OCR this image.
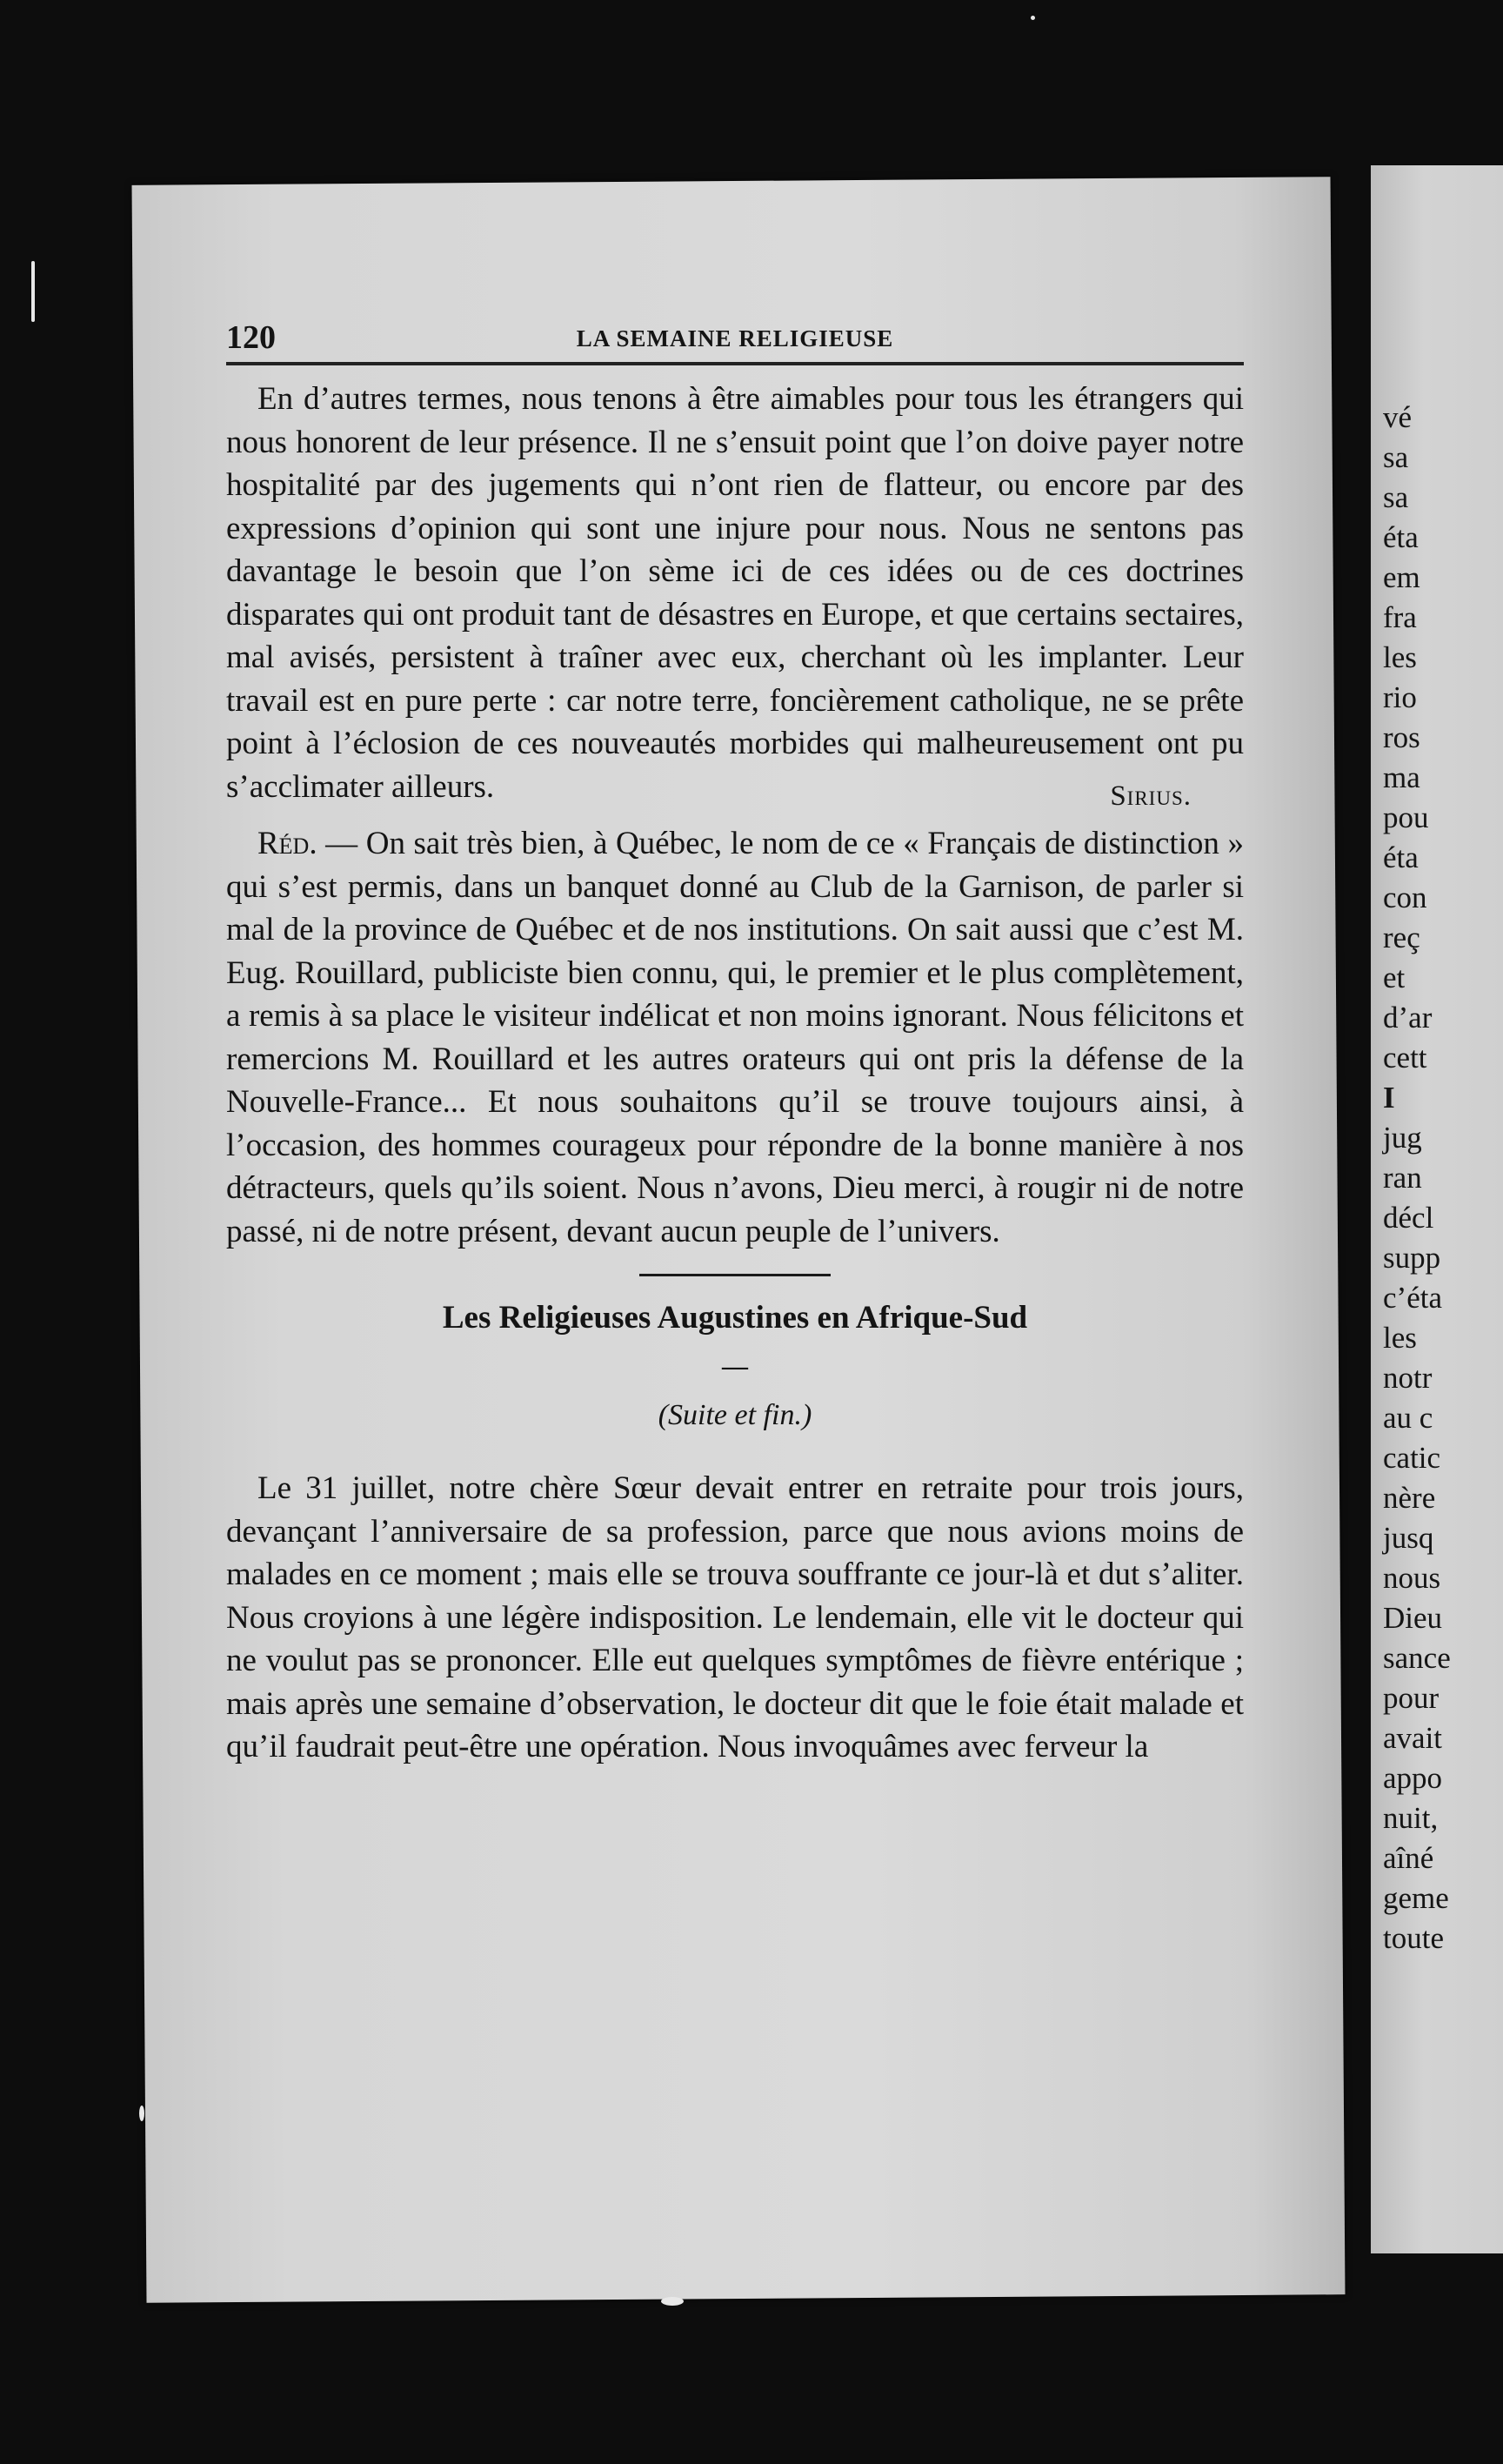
vé
sa
sa
éta
em
fra
les
rio
ros
ma
pou
éta
con
reç
et
d’ar
cett
I
jug
ran
décl
supp
c’éta
les
notr
au c
catic
nère
jusq
nous
Dieu
sance
pour
avait
appo
nuit,
aîné
geme
toute
120	LA SEMAINE RELIGIEUSE

En d’autres termes, nous tenons à être aimables pour tous les étrangers qui nous honorent de leur présence. Il ne s’ensuit point que l’on doive payer notre hospitalité par des jugements qui n’ont rien de flatteur, ou encore par des expressions d’opinion qui sont une injure pour nous. Nous ne sentons pas davantage le besoin que l’on sème ici de ces idées ou de ces doctrines disparates qui ont produit tant de désastres en Europe, et que certains sectaires, mal avisés, persistent à traîner avec eux, cherchant où les implanter. Leur travail est en pure perte : car notre terre, foncièrement catholique, ne se prête point à l’éclosion de ces nouveautés morbides qui malheureusement ont pu s’acclimater ailleurs.	Sirius.

Réd. — On sait très bien, à Québec, le nom de ce « Français de distinction » qui s’est permis, dans un banquet donné au Club de la Garnison, de parler si mal de la province de Québec et de nos institutions. On sait aussi que c’est M. Eug. Rouillard, publiciste bien connu, qui, le premier et le plus complètement, a remis à sa place le visiteur indélicat et non moins ignorant. Nous félicitons et remercions M. Rouillard et les autres orateurs qui ont pris la défense de la Nouvelle-France... Et nous souhaitons qu’il se trouve toujours ainsi, à l’occasion, des hommes courageux pour répondre de la bonne manière à nos détracteurs, quels qu’ils soient. Nous n’avons, Dieu merci, à rougir ni de notre passé, ni de notre présent, devant aucun peuple de l’univers.

Les Religieuses Augustines en Afrique-Sud
—
(Suite et fin.)

Le 31 juillet, notre chère Sœur devait entrer en retraite pour trois jours, devançant l’anniversaire de sa profession, parce que nous avions moins de malades en ce moment ; mais elle se trouva souffrante ce jour-là et dut s’aliter. Nous croyions à une légère indisposition. Le lendemain, elle vit le docteur qui ne voulut pas se prononcer. Elle eut quelques symptômes de fièvre entérique ; mais après une semaine d’observation, le docteur dit que le foie était malade et qu’il faudrait peut-être une opération. Nous invoquâmes avec ferveur la
